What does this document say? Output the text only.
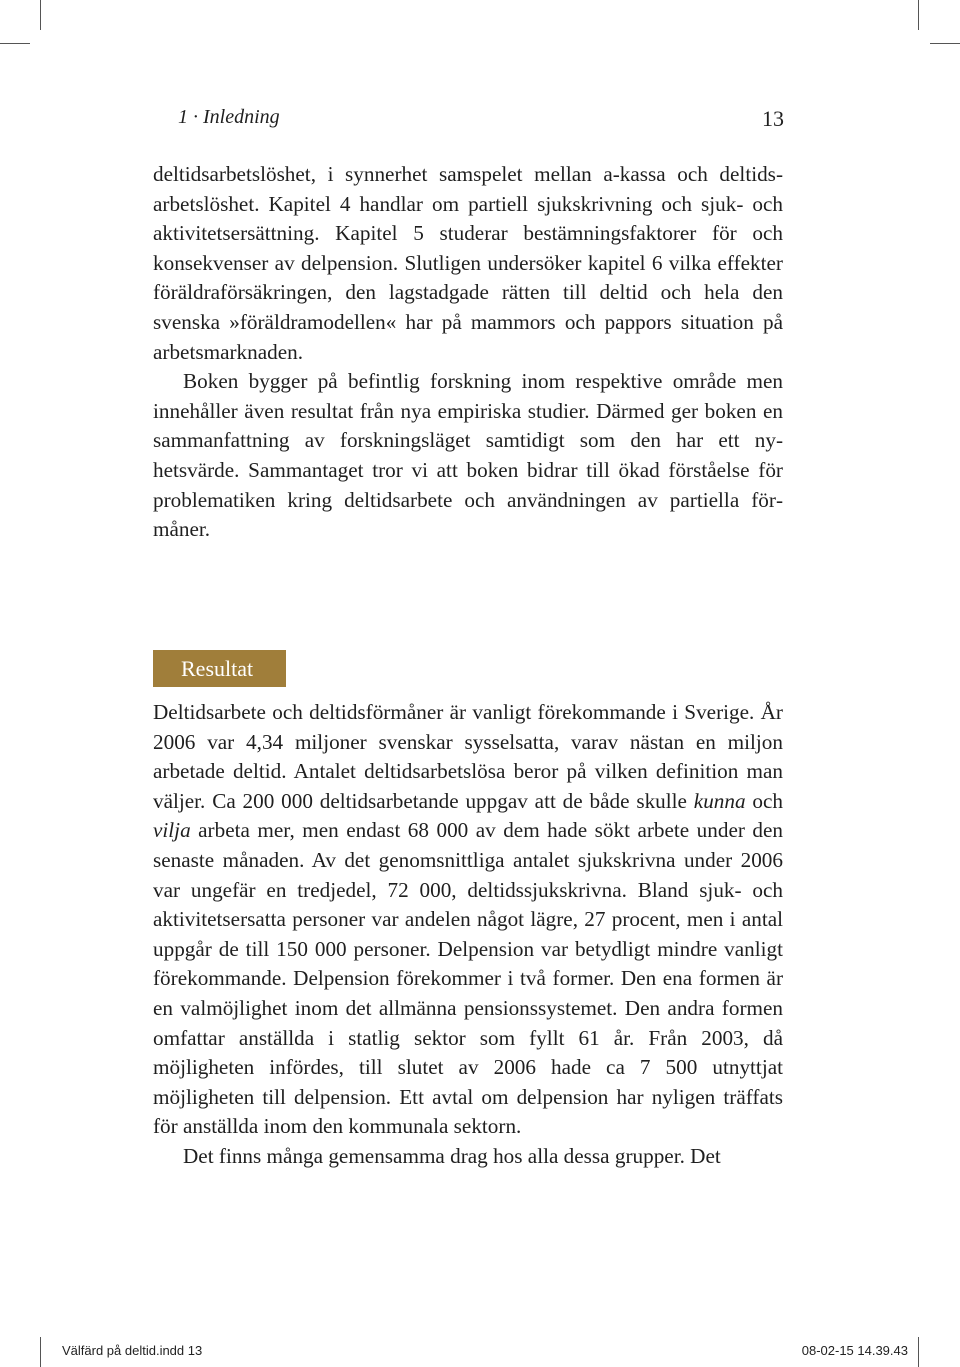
1 · Inledning	13

deltidsarbetslöshet, i synnerhet samspelet mellan a-kassa och deltidsarbetslöshet. Kapitel 4 handlar om partiell sjukskrivning och sjuk- och aktivitetsersättning. Kapitel 5 studerar bestämningsfaktorer för och konsekvenser av delpension. Slutligen undersöker kapitel 6 vilka effekter föräldraförsäkringen, den lagstadgade rätten till deltid och hela den svenska »föräldramodellen« har på mammors och pappors situation på arbetsmarknaden.

Boken bygger på befintlig forskning inom respektive område men innehåller även resultat från nya empiriska studier. Därmed ger boken en sammanfattning av forskningsläget samtidigt som den har ett nyhetsvärde. Sammantaget tror vi att boken bidrar till ökad förståelse för problematiken kring deltidsarbete och användningen av partiella förmåner.

Resultat

Deltidsarbete och deltidsförmåner är vanligt förekommande i Sverige. År 2006 var 4,34 miljoner svenskar sysselsatta, varav nästan en miljon arbetade deltid. Antalet deltidsarbetslösa beror på vilken definition man väljer. Ca 200 000 deltidsarbetande uppgav att de både skulle kunna och vilja arbeta mer, men endast 68 000 av dem hade sökt arbete under den senaste månaden. Av det genomsnittliga antalet sjukskrivna under 2006 var ungefär en tredjedel, 72 000, deltidssjukskrivna. Bland sjuk- och aktivitetsersatta personer var andelen något lägre, 27 procent, men i antal uppgår de till 150 000 personer. Delpension var betydligt mindre vanligt förekommande. Delpension förekommer i två former. Den ena formen är en valmöjlighet inom det allmänna pensionssystemet. Den andra formen omfattar anställda i statlig sektor som fyllt 61 år. Från 2003, då möjligheten infördes, till slutet av 2006 hade ca 7 500 utnyttjat möjligheten till delpension. Ett avtal om delpension har nyligen träffats för anställda inom den kommunala sektorn.

Det finns många gemensamma drag hos alla dessa grupper. Det

Välfärd på deltid.indd 13	08-02-15 14.39.43
